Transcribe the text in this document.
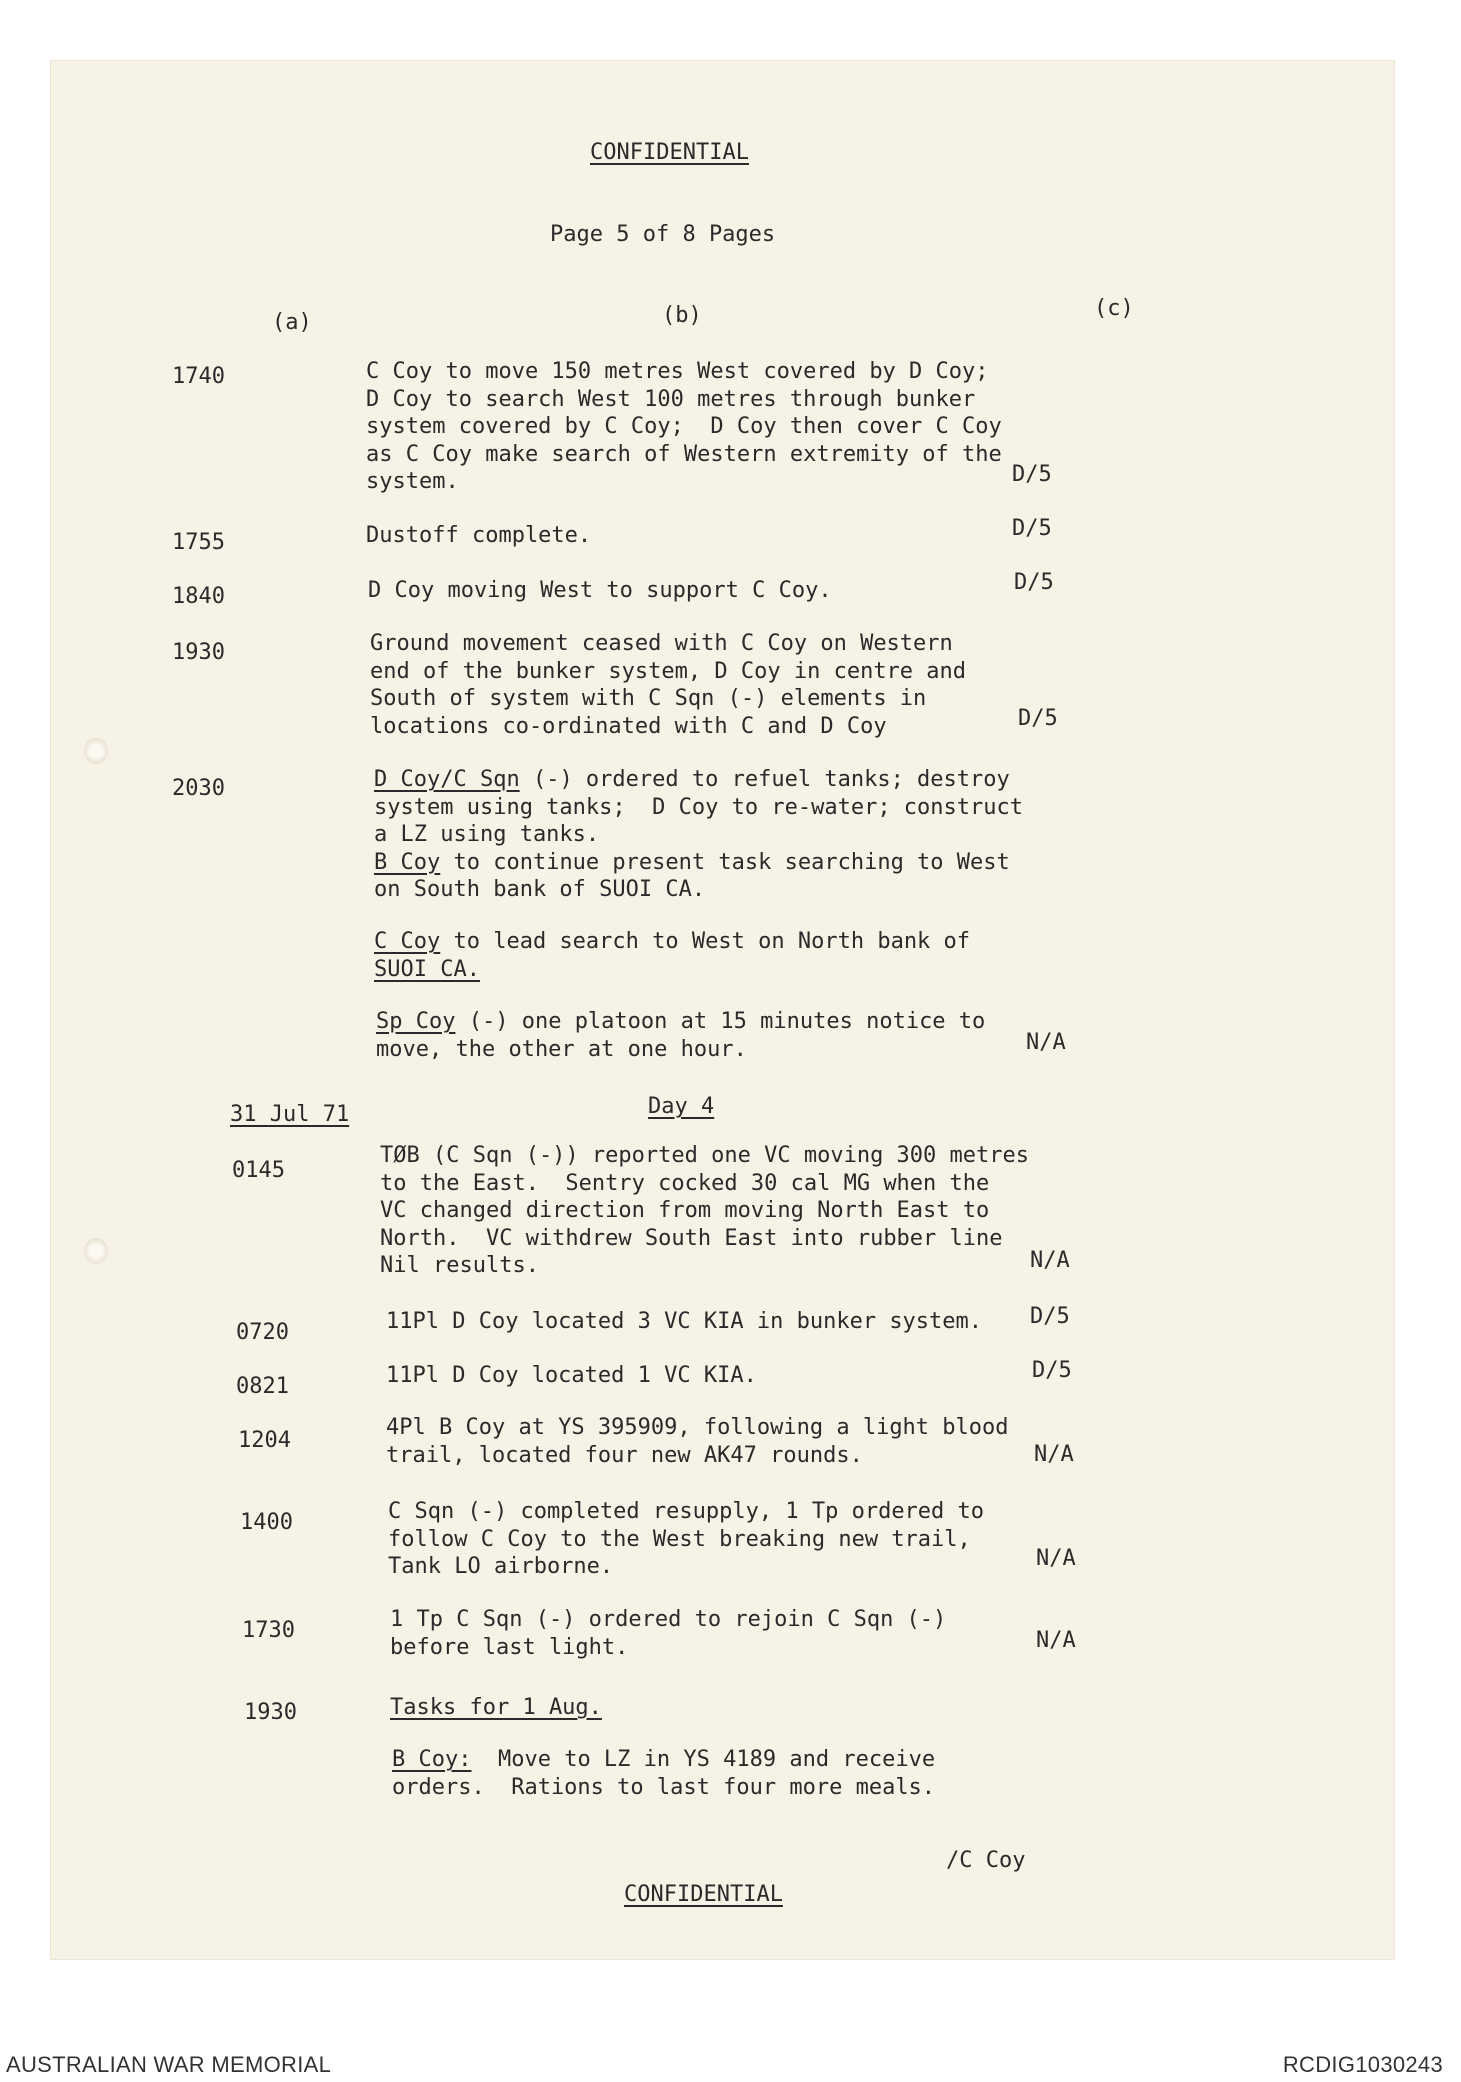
CONFIDENTIAL
Page 5 of 8 Pages
(a)	(b)	(c)
1740	C Coy to move 150 metres West covered by D Coy;
D Coy to search West 100 metres through bunker
system covered by C Coy;  D Coy then cover C Coy
as C Coy make search of Western extremity of the
system.	D/5
1755	Dustoff complete.	D/5
1840	D Coy moving West to support C Coy.	D/5
1930	Ground movement ceased with C Coy on Western
end of the bunker system, D Coy in centre and
South of system with C Sqn (-) elements in
locations co-ordinated with C and D Coy	D/5
2030	D Coy/C Sqn (-) ordered to refuel tanks; destroy
system using tanks;  D Coy to re-water; construct
a LZ using tanks.
B Coy to continue present task searching to West
on South bank of SUOI CA.
C Coy to lead search to West on North bank of
SUOI CA.
Sp Coy (-) one platoon at 15 minutes notice to
move, the other at one hour.	N/A
31 Jul 71	Day 4
0145
TØB (C Sqn (-)) reported one VC moving 300 metres
to the East.  Sentry cocked 30 cal MG when the
VC changed direction from moving North East to
North.  VC withdrew South East into rubber line
Nil results.	N/A
0720	11Pl D Coy located 3 VC KIA in bunker system. D/5
0821	11Pl D Coy located 1 VC KIA.	D/5
1204
4Pl B Coy at YS 395909, following a light blood
trail, located four new AK47 rounds.	N/A
1400	C Sqn (-) completed resupply, 1 Tp ordered to
follow C Coy to the West breaking new trail,
Tank LO airborne.	N/A
1730	1 Tp C Sqn (-) ordered to rejoin C Sqn (-)
before last light.	N/A
1930	Tasks for 1 Aug.
B Coy:  Move to LZ in YS 4189 and receive
orders.  Rations to last four more meals.
/C Coy
CONFIDENTIAL
AUSTRALIAN WAR MEMORIAL	RCDIG1030243
